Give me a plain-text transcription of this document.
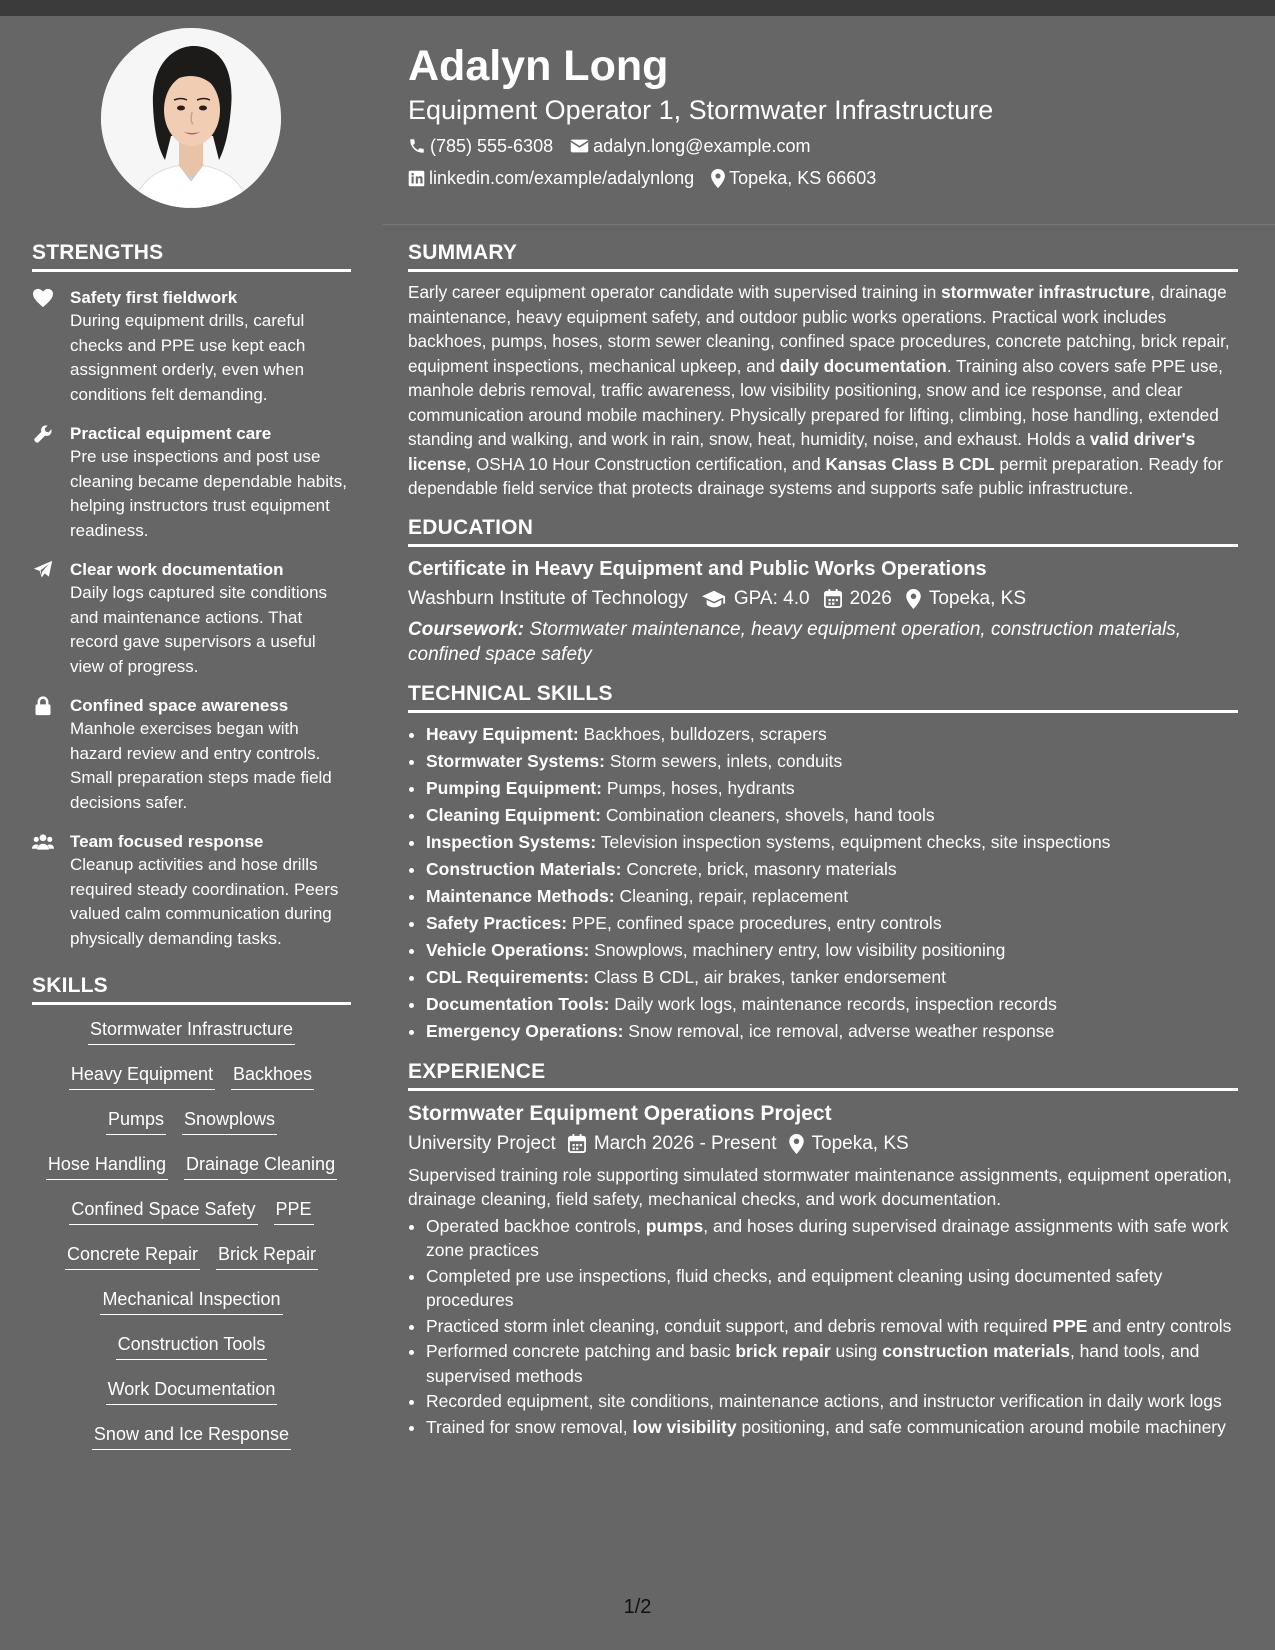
Adalyn Long
Equipment Operator 1, Stormwater Infrastructure
(785) 555-6308 adalyn.long@example.com
linkedin.com/example/adalynlong Topeka, KS 66603
STRENGTHS
Safety first fieldwork
During equipment drills, careful checks and PPE use kept each assignment orderly, even when conditions felt demanding.
Practical equipment care
Pre use inspections and post use cleaning became dependable habits, helping instructors trust equipment readiness.
Clear work documentation
Daily logs captured site conditions and maintenance actions. That record gave supervisors a useful view of progress.
Confined space awareness
Manhole exercises began with hazard review and entry controls. Small preparation steps made field decisions safer.
Team focused response
Cleanup activities and hose drills required steady coordination. Peers valued calm communication during physically demanding tasks.
SKILLS
Stormwater Infrastructure
Heavy Equipment Backhoes
Pumps Snowplows
Hose Handling Drainage Cleaning
Confined Space Safety PPE
Concrete Repair Brick Repair
Mechanical Inspection
Construction Tools
Work Documentation
Snow and Ice Response
SUMMARY
Early career equipment operator candidate with supervised training in stormwater infrastructure, drainage maintenance, heavy equipment safety, and outdoor public works operations. Practical work includes backhoes, pumps, hoses, storm sewer cleaning, confined space procedures, concrete patching, brick repair, equipment inspections, mechanical upkeep, and daily documentation. Training also covers safe PPE use, manhole debris removal, traffic awareness, low visibility positioning, snow and ice response, and clear communication around mobile machinery. Physically prepared for lifting, climbing, hose handling, extended standing and walking, and work in rain, snow, heat, humidity, noise, and exhaust. Holds a valid driver's license, OSHA 10 Hour Construction certification, and Kansas Class B CDL permit preparation. Ready for dependable field service that protects drainage systems and supports safe public infrastructure.
EDUCATION
Certificate in Heavy Equipment and Public Works Operations
Washburn Institute of Technology GPA: 4.0 2026 Topeka, KS
Coursework: Stormwater maintenance, heavy equipment operation, construction materials, confined space safety
TECHNICAL SKILLS
• Heavy Equipment: Backhoes, bulldozers, scrapers
• Stormwater Systems: Storm sewers, inlets, conduits
• Pumping Equipment: Pumps, hoses, hydrants
• Cleaning Equipment: Combination cleaners, shovels, hand tools
• Inspection Systems: Television inspection systems, equipment checks, site inspections
• Construction Materials: Concrete, brick, masonry materials
• Maintenance Methods: Cleaning, repair, replacement
• Safety Practices: PPE, confined space procedures, entry controls
• Vehicle Operations: Snowplows, machinery entry, low visibility positioning
• CDL Requirements: Class B CDL, air brakes, tanker endorsement
• Documentation Tools: Daily work logs, maintenance records, inspection records
• Emergency Operations: Snow removal, ice removal, adverse weather response
EXPERIENCE
Stormwater Equipment Operations Project
University Project March 2026 - Present Topeka, KS
Supervised training role supporting simulated stormwater maintenance assignments, equipment operation, drainage cleaning, field safety, mechanical checks, and work documentation.
• Operated backhoe controls, pumps, and hoses during supervised drainage assignments with safe work zone practices
• Completed pre use inspections, fluid checks, and equipment cleaning using documented safety procedures
• Practiced storm inlet cleaning, conduit support, and debris removal with required PPE and entry controls
• Performed concrete patching and basic brick repair using construction materials, hand tools, and supervised methods
• Recorded equipment, site conditions, maintenance actions, and instructor verification in daily work logs
• Trained for snow removal, low visibility positioning, and safe communication around mobile machinery
1/2
